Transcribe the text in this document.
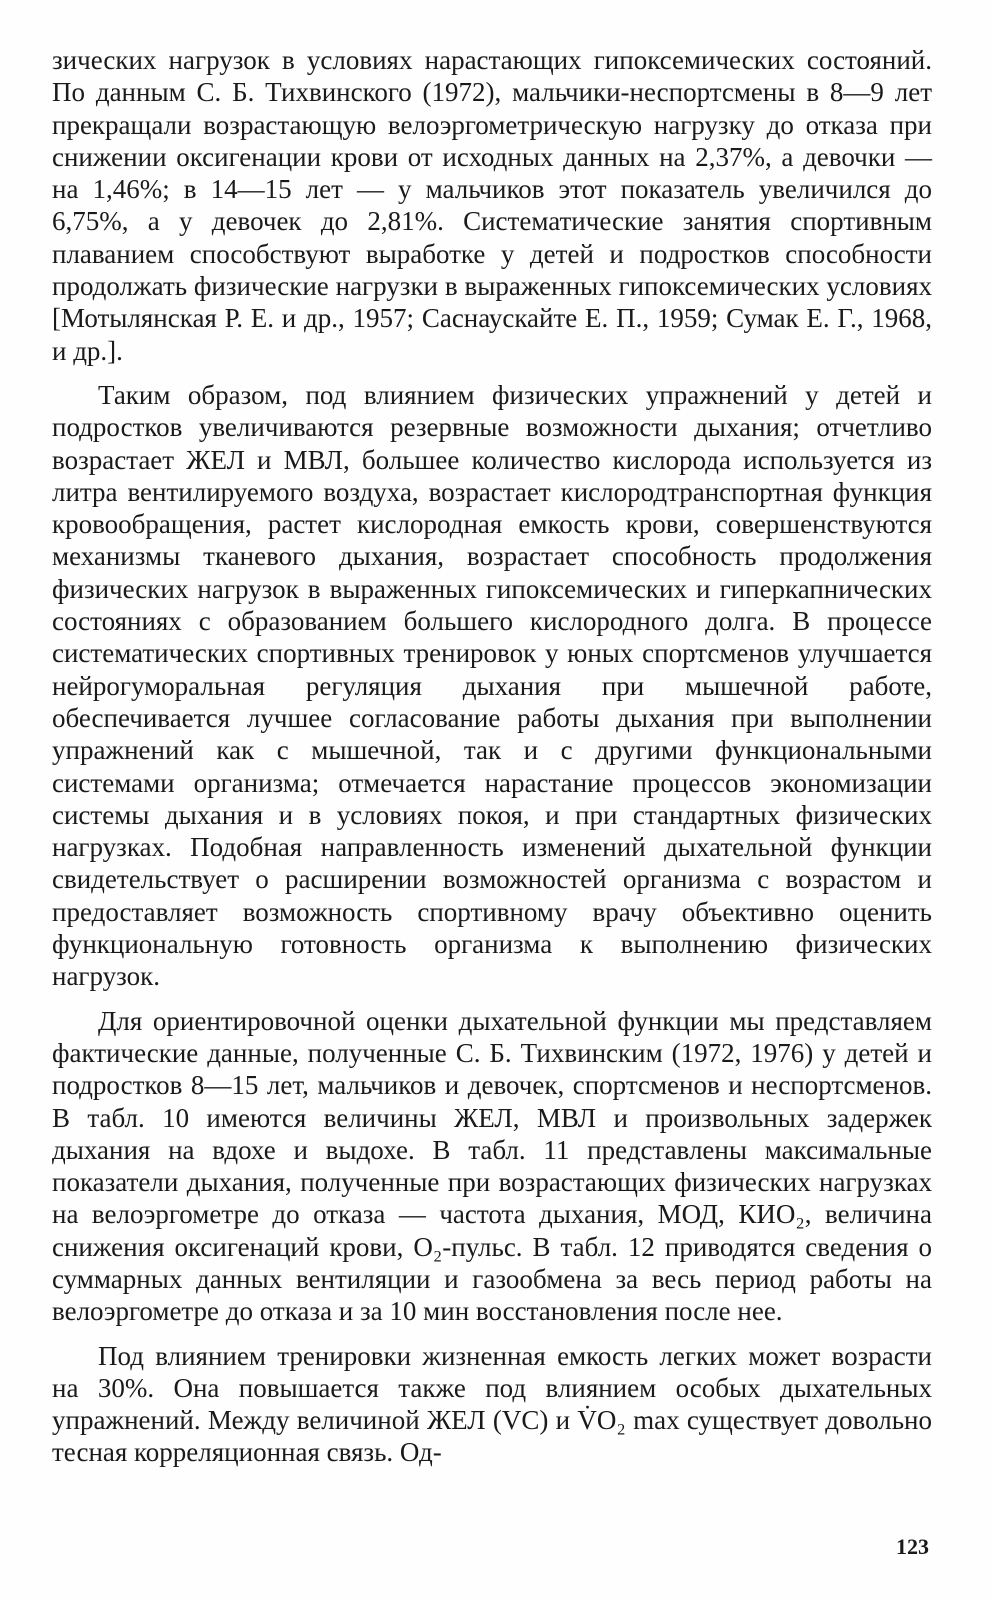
зических нагрузок в условиях нарастающих гипоксемических состояний. По данным С. Б. Тихвинского (1972), мальчики-неспортсмены в 8—9 лет прекращали возрастающую велоэргометрическую нагрузку до отказа при снижении оксигенации крови от исходных данных на 2,37%, а девочки — на 1,46%; в 14—15 лет — у мальчиков этот показатель увеличился до 6,75%, а у девочек до 2,81%. Систематические занятия спортивным плаванием способствуют выработке у детей и подростков способности продолжать физические нагрузки в выраженных гипоксемических условиях [Мотылянская Р. Е. и др., 1957; Саснаускайте Е. П., 1959; Сумак Е. Г., 1968, и др.].

Таким образом, под влиянием физических упражнений у детей и подростков увеличиваются резервные возможности дыхания; отчетливо возрастает ЖЕЛ и МВЛ, большее количество кислорода используется из литра вентилируемого воздуха, возрастает кислородтранспортная функция кровообращения, растет кислородная емкость крови, совершенствуются механизмы тканевого дыхания, возрастает способность продолжения физических нагрузок в выраженных гипоксемических и гиперкапнических состояниях с образованием большего кислородного долга. В процессе систематических спортивных тренировок у юных спортсменов улучшается нейрогуморальная регуляция дыхания при мышечной работе, обеспечивается лучшее согласование работы дыхания при выполнении упражнений как с мышечной, так и с другими функциональными системами организма; отмечается нарастание процессов экономизации системы дыхания и в условиях покоя, и при стандартных физических нагрузках. Подобная направленность изменений дыхательной функции свидетельствует о расширении возможностей организма с возрастом и предоставляет возможность спортивному врачу объективно оценить функциональную готовность организма к выполнению физических нагрузок.

Для ориентировочной оценки дыхательной функции мы представляем фактические данные, полученные С. Б. Тихвинским (1972, 1976) у детей и подростков 8—15 лет, мальчиков и девочек, спортсменов и неспортсменов. В табл. 10 имеются величины ЖЕЛ, МВЛ и произвольных задержек дыхания на вдохе и выдохе. В табл. 11 представлены максимальные показатели дыхания, полученные при возрастающих физических нагрузках на велоэргометре до отказа — частота дыхания, МОД, КИО₂, величина снижения оксигенаций крови, О₂-пульс. В табл. 12 приводятся сведения о суммарных данных вентиляции и газообмена за весь период работы на велоэргометре до отказа и за 10 мин восстановления после нее.

Под влиянием тренировки жизненная емкость легких может возрасти на 30%. Она повышается также под влиянием особых дыхательных упражнений. Между величиной ЖЕЛ (VC) и V̇O₂ max существует довольно тесная корреляционная связь. Од-

123
